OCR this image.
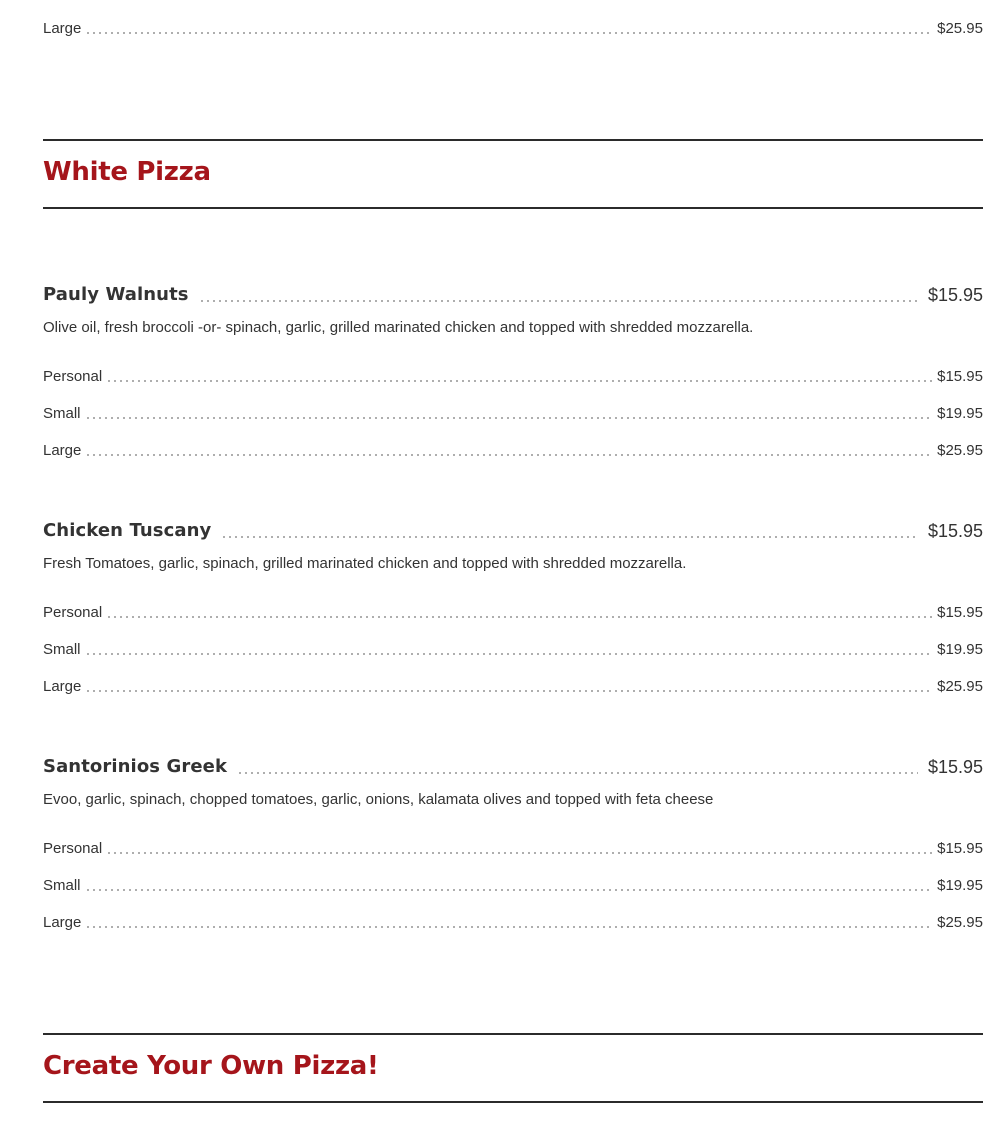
Large	$25.95
White Pizza
Pauly Walnuts	$15.95
Olive oil, fresh broccoli -or- spinach, garlic, grilled marinated chicken and topped with shredded mozzarella.
Personal	$15.95
Small	$19.95
Large	$25.95
Chicken Tuscany	$15.95
Fresh Tomatoes, garlic, spinach, grilled marinated chicken and topped with shredded mozzarella.
Personal	$15.95
Small	$19.95
Large	$25.95
Santorinios Greek	$15.95
Evoo, garlic, spinach, chopped tomatoes, garlic, onions, kalamata olives and topped with feta cheese
Personal	$15.95
Small	$19.95
Large	$25.95
Create Your Own Pizza!
